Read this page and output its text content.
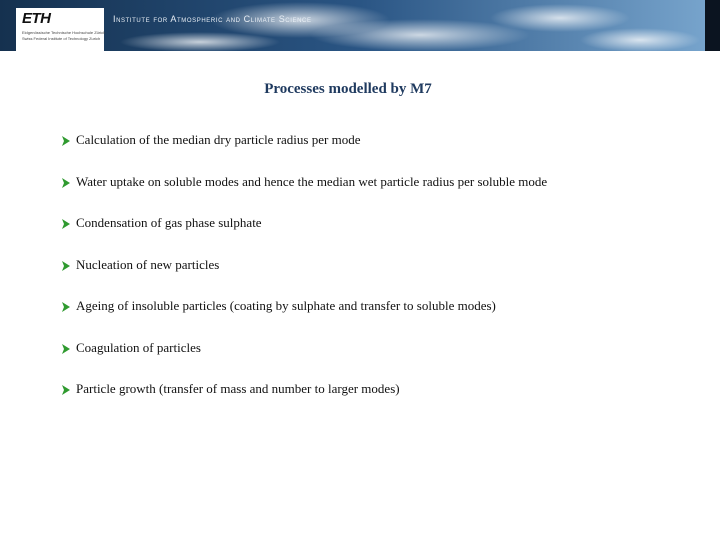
ETH
Eidgenössische Technische Hochschule Zürich
Swiss Federal Institute of Technology Zurich
Institute for Atmospheric and Climate Science
Processes modelled by M7
Calculation of the median dry particle radius per mode
Water uptake on soluble modes and hence the median wet particle radius per soluble mode
Condensation of gas phase sulphate
Nucleation of new particles
Ageing of insoluble particles (coating by sulphate and transfer to soluble modes)
Coagulation of particles
Particle growth (transfer of mass and number to larger modes)
